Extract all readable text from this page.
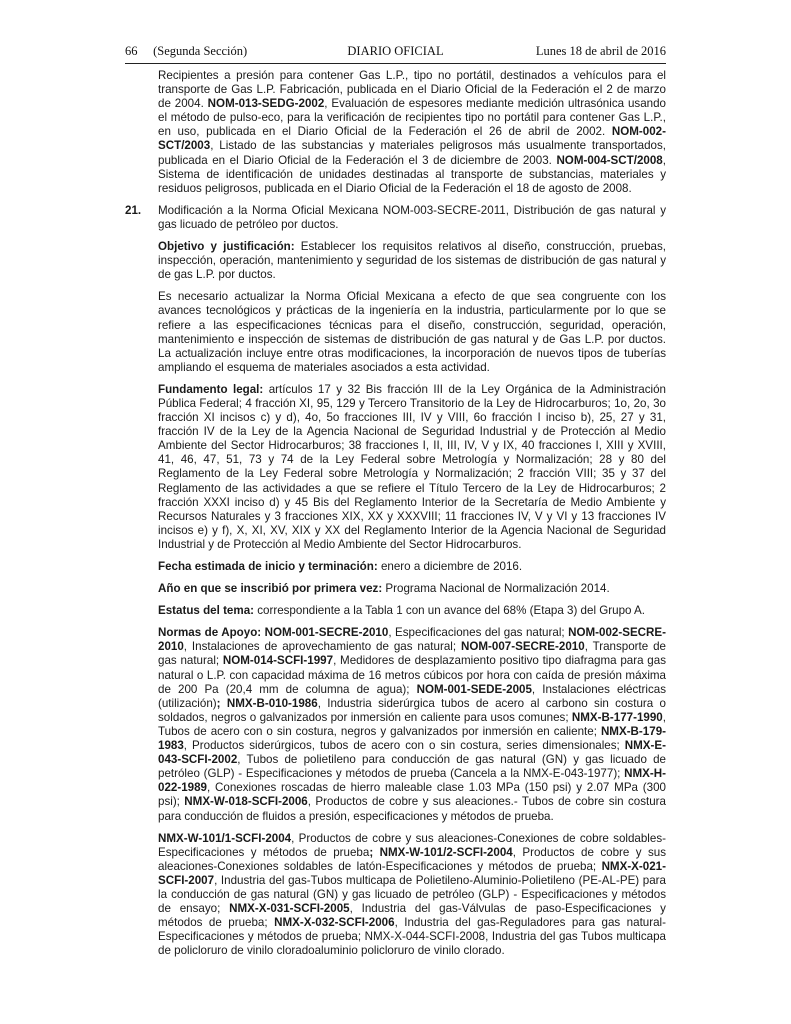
66     (Segunda Sección)	DIARIO OFICIAL	Lunes 18 de abril de 2016

Recipientes a presión para contener Gas L.P., tipo no portátil, destinados a vehículos para el transporte de Gas L.P. Fabricación, publicada en el Diario Oficial de la Federación el 2 de marzo de 2004. NOM-013-SEDG-2002, Evaluación de espesores mediante medición ultrasónica usando el método de pulso-eco, para la verificación de recipientes tipo no portátil para contener Gas L.P., en uso, publicada en el Diario Oficial de la Federación el 26 de abril de 2002. NOM-002-SCT/2003, Listado de las substancias y materiales peligrosos más usualmente transportados, publicada en el Diario Oficial de la Federación el 3 de diciembre de 2003. NOM-004-SCT/2008, Sistema de identificación de unidades destinadas al transporte de substancias, materiales y residuos peligrosos, publicada en el Diario Oficial de la Federación el 18 de agosto de 2008.

21. Modificación a la Norma Oficial Mexicana NOM-003-SECRE-2011, Distribución de gas natural y gas licuado de petróleo por ductos.

Objetivo y justificación: Establecer los requisitos relativos al diseño, construcción, pruebas, inspección, operación, mantenimiento y seguridad de los sistemas de distribución de gas natural y de gas L.P. por ductos.

Es necesario actualizar la Norma Oficial Mexicana a efecto de que sea congruente con los avances tecnológicos y prácticas de la ingeniería en la industria, particularmente por lo que se refiere a las especificaciones técnicas para el diseño, construcción, seguridad, operación, mantenimiento e inspección de sistemas de distribución de gas natural y de Gas L.P. por ductos. La actualización incluye entre otras modificaciones, la incorporación de nuevos tipos de tuberías ampliando el esquema de materiales asociados a esta actividad.

Fundamento legal: artículos 17 y 32 Bis fracción III de la Ley Orgánica de la Administración Pública Federal; 4 fracción XI, 95, 129 y Tercero Transitorio de la Ley de Hidrocarburos; 1o, 2o, 3o fracción XI incisos c) y d), 4o, 5o fracciones III, IV y VIII, 6o fracción I inciso b), 25, 27 y 31, fracción IV de la Ley de la Agencia Nacional de Seguridad Industrial y de Protección al Medio Ambiente del Sector Hidrocarburos; 38 fracciones I, II, III, IV, V y IX, 40 fracciones I, XIII y XVIII, 41, 46, 47, 51, 73 y 74 de la Ley Federal sobre Metrología y Normalización; 28 y 80 del Reglamento de la Ley Federal sobre Metrología y Normalización; 2 fracción VIII; 35 y 37 del Reglamento de las actividades a que se refiere el Título Tercero de la Ley de Hidrocarburos; 2 fracción XXXI inciso d) y 45 Bis del Reglamento Interior de la Secretaría de Medio Ambiente y Recursos Naturales y 3 fracciones XIX, XX y XXXVIII; 11 fracciones IV, V y VI y 13 fracciones IV incisos e) y f), X, XI, XV, XIX y XX del Reglamento Interior de la Agencia Nacional de Seguridad Industrial y de Protección al Medio Ambiente del Sector Hidrocarburos.

Fecha estimada de inicio y terminación: enero a diciembre de 2016.

Año en que se inscribió por primera vez: Programa Nacional de Normalización 2014.

Estatus del tema: correspondiente a la Tabla 1 con un avance del 68% (Etapa 3) del Grupo A.

Normas de Apoyo: NOM-001-SECRE-2010, Especificaciones del gas natural; NOM-002-SECRE-2010, Instalaciones de aprovechamiento de gas natural; NOM-007-SECRE-2010, Transporte de gas natural; NOM-014-SCFI-1997, Medidores de desplazamiento positivo tipo diafragma para gas natural o L.P. con capacidad máxima de 16 metros cúbicos por hora con caída de presión máxima de 200 Pa (20,4 mm de columna de agua); NOM-001-SEDE-2005, Instalaciones eléctricas (utilización); NMX-B-010-1986, Industria siderúrgica tubos de acero al carbono sin costura o soldados, negros o galvanizados por inmersión en caliente para usos comunes; NMX-B-177-1990, Tubos de acero con o sin costura, negros y galvanizados por inmersión en caliente; NMX-B-179-1983, Productos siderúrgicos, tubos de acero con o sin costura, series dimensionales; NMX-E-043-SCFI-2002, Tubos de polietileno para conducción de gas natural (GN) y gas licuado de petróleo (GLP) - Especificaciones y métodos de prueba (Cancela a la NMX-E-043-1977); NMX-H-022-1989, Conexiones roscadas de hierro maleable clase 1.03 MPa (150 psi) y 2.07 MPa (300 psi); NMX-W-018-SCFI-2006, Productos de cobre y sus aleaciones.- Tubos de cobre sin costura para conducción de fluidos a presión, especificaciones y métodos de prueba.

NMX-W-101/1-SCFI-2004, Productos de cobre y sus aleaciones-Conexiones de cobre soldables-Especificaciones y métodos de prueba; NMX-W-101/2-SCFI-2004, Productos de cobre y sus aleaciones-Conexiones soldables de latón-Especificaciones y métodos de prueba; NMX-X-021-SCFI-2007, Industria del gas-Tubos multicapa de Polietileno-Aluminio-Polietileno (PE-AL-PE) para la conducción de gas natural (GN) y gas licuado de petróleo (GLP) - Especificaciones y métodos de ensayo; NMX-X-031-SCFI-2005, Industria del gas-Válvulas de paso-Especificaciones y métodos de prueba; NMX-X-032-SCFI-2006, Industria del gas-Reguladores para gas natural-Especificaciones y métodos de prueba; NMX-X-044-SCFI-2008, Industria del gas Tubos multicapa de policloruro de vinilo cloradoaluminio policloruro de vinilo clorado.
